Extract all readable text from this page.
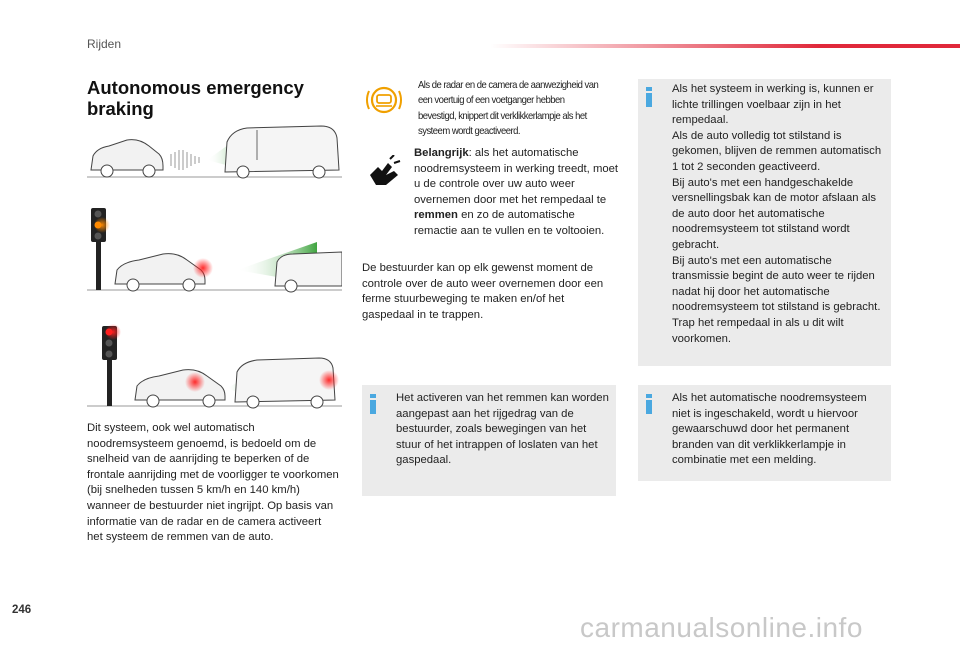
Rijden
Autonomous emergency braking
Dit systeem, ook wel automatisch noodremsysteem genoemd, is bedoeld om de snelheid van de aanrijding te beperken of de frontale aanrijding met de voorligger te voorkomen (bij snelheden tussen 5 km/h en 140 km/h) wanneer de bestuurder niet ingrijpt. Op basis van informatie van de radar en de camera activeert het systeem de remmen van de auto.
Als de radar en de camera de aanwezigheid van een voertuig of een voetganger hebben bevestigd, knippert dit verklikkerlampje als het systeem wordt geactiveerd.
Belangrijk: als het automatische noodremsysteem in werking treedt, moet u de controle over uw auto weer overnemen door met het rempedaal te remmen en zo de automatische remactie aan te vullen en te voltooien.
De bestuurder kan op elk gewenst moment de controle over de auto weer overnemen door een ferme stuurbeweging te maken en/of het gaspedaal in te trappen.
Het activeren van het remmen kan worden aangepast aan het rijgedrag van de bestuurder, zoals bewegingen van het stuur of het intrappen of loslaten van het gaspedaal.
Als het systeem in werking is, kunnen er lichte trillingen voelbaar zijn in het rempedaal.
Als de auto volledig tot stilstand is gekomen, blijven de remmen automatisch 1 tot 2 seconden geactiveerd.
Bij auto's met een handgeschakelde versnellingsbak kan de motor afslaan als de auto door het automatische noodremsysteem tot stilstand wordt gebracht.
Bij auto's met een automatische transmissie begint de auto weer te rijden nadat hij door het automatische noodremsysteem tot stilstand is gebracht. Trap het rempedaal in als u dit wilt voorkomen.
Als het automatische noodremsysteem niet is ingeschakeld, wordt u hiervoor gewaarschuwd door het permanent branden van dit verklikkerlampje in combinatie met een melding.
246
carmanualsonline.info
